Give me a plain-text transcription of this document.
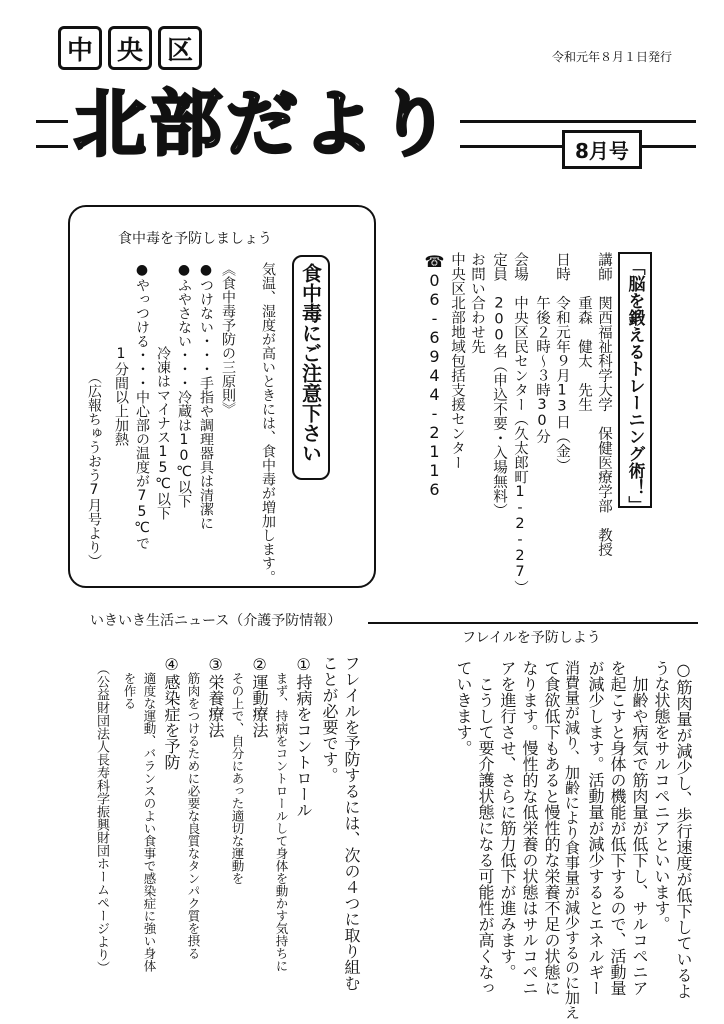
中 央 区	令和元年８月１日発行
北部だより	8月号

「脳を鍛えるトレーニング術！」

講師　関西福祉科学大学　保健医療学部　教授

　　　重森　健太　先生

日時　令和元年９月13日（金）

　　　午後２時～３時30分

会場　中央区民センター（久太郎町1-2-27）

定員　200名（申込不要・入場無料）

お問い合わせ先

中央区北部地域包括支援センター

☎06-6944-2116

食中毒を予防しましょう

食中毒にご注意下さい

気温、湿度が高いときには、食中毒が増加します。

《食中毒予防の三原則》

●つけない・・・手指や調理器具は清潔に

●ふやさない・・・冷蔵は10℃以下

　　　　　　冷凍はマイナス15℃以下

●やっつける・・・中心部の温度が75℃で

　　　　　　1分間以上加熱

（広報ちゅうおう7月号より）

いきいき生活ニュース（介護予防情報）
フレイルを予防しよう

○筋肉量が減少し、歩行速度が低下しているよ

うな状態をサルコペニアといいます。

　加齢や病気で筋肉量が低下し、サルコペニア

を起こすと身体の機能が低下するので、活動量

が減少します。活動量が減少するとエネルギー

消費量が減り、加齢により食事量が減少するのに加え

て食欲低下もあると慢性的な栄養不足の状態に

なります。慢性的な低栄養の状態はサルコペニ

アを進行させ、さらに筋力低下が進みます。

　こうして要介護状態になる可能性が高くなっ

ていきます。

フレイルを予防するには、次の４つに取り組む

ことが必要です。

①持病をコントロール

まず、持病をコントロールして身体を動かす気持ちに

②運動療法

その上で、自分にあった適切な運動を

③栄養療法

筋肉をつけるために必要な良質なタンパク質を摂る

④感染症を予防

適度な運動、バランスのよい食事で感染症に強い身体

を作る

（公益財団法人長寿科学振興財団ホームページより）
